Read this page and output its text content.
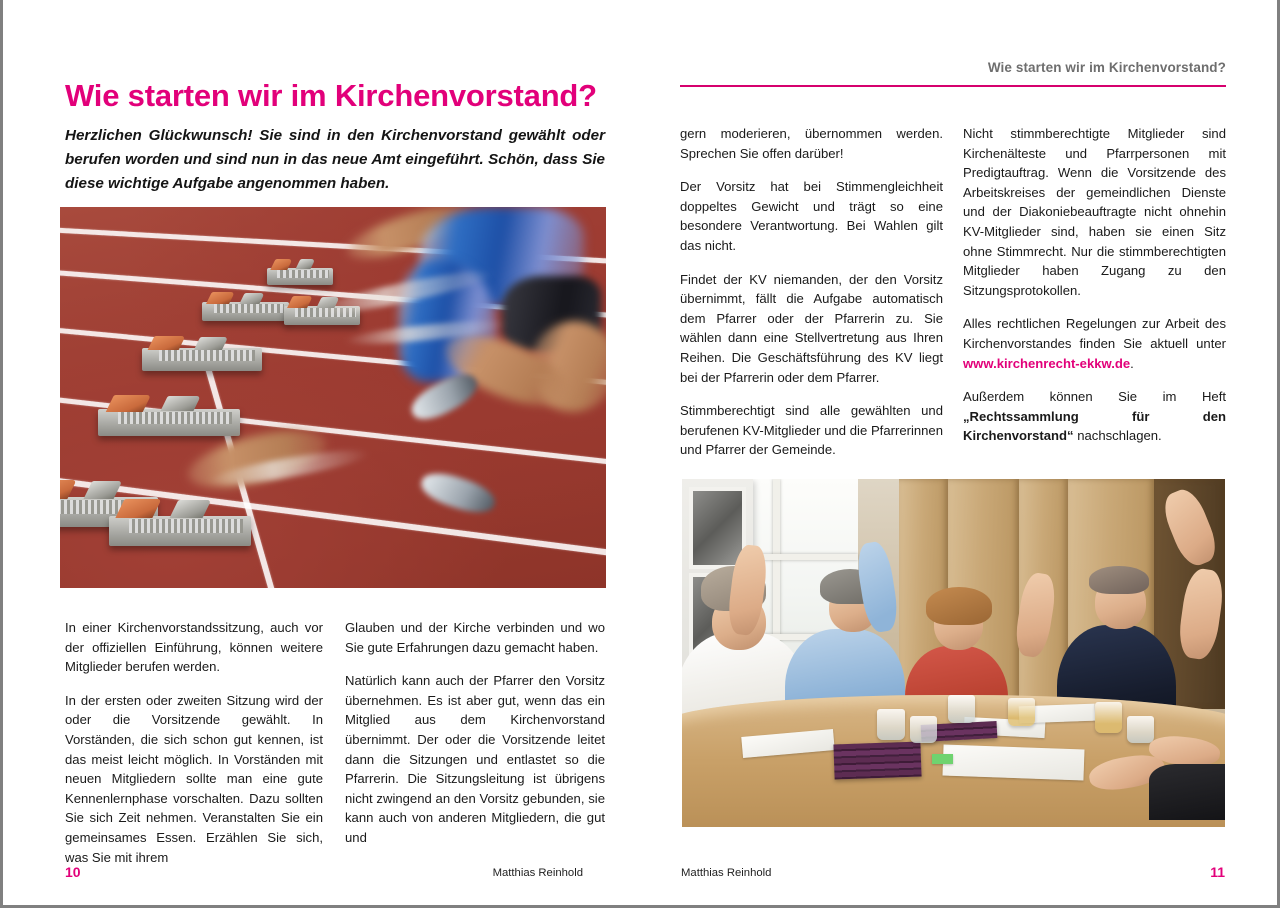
Wie starten wir im Kirchenvorstand?
Herzlichen Glückwunsch! Sie sind in den Kirchenvorstand gewählt oder berufen worden und sind nun in das neue Amt eingeführt. Schön, dass Sie diese wichtige Aufgabe angenommen haben.

In einer Kirchenvorstandssitzung, auch vor der offiziellen Einführung, können weitere Mitglieder berufen werden.

In der ersten oder zweiten Sitzung wird der oder die Vorsitzende gewählt. In Vorständen, die sich schon gut kennen, ist das meist leicht möglich. In Vorständen mit neuen Mitgliedern sollte man eine gute Kennenlernphase vorschalten. Dazu sollten Sie sich Zeit nehmen. Veranstalten Sie ein gemeinsames Essen. Erzählen Sie sich, was Sie mit ihrem

Glauben und der Kirche verbinden und wo Sie gute Erfahrungen dazu gemacht haben.

Natürlich kann auch der Pfarrer den Vorsitz übernehmen. Es ist aber gut, wenn das ein Mitglied aus dem Kirchenvorstand übernimmt. Der oder die Vorsitzende leitet dann die Sitzungen und entlastet so die Pfarrerin. Die Sitzungsleitung ist übrigens nicht zwingend an den Vorsitz gebunden, sie kann auch von anderen Mitgliedern, die gut und

10	Matthias Reinhold
Wie starten wir im Kirchenvorstand?

gern moderieren, übernommen werden. Sprechen Sie offen darüber!

Der Vorsitz hat bei Stimmengleichheit doppeltes Gewicht und trägt so eine besondere Verantwortung. Bei Wahlen gilt das nicht.

Findet der KV niemanden, der den Vorsitz übernimmt, fällt die Aufgabe automatisch dem Pfarrer oder der Pfarrerin zu. Sie wählen dann eine Stellvertretung aus Ihren Reihen. Die Geschäftsführung des KV liegt bei der Pfarrerin oder dem Pfarrer.

Stimmberechtigt sind alle gewählten und berufenen KV-Mitglieder und die Pfarrerinnen und Pfarrer der Gemeinde.

Nicht stimmberechtigte Mitglieder sind Kirchenälteste und Pfarrpersonen mit Predigtauftrag. Wenn die Vorsitzende des Arbeitskreises der gemeindlichen Dienste und der Diakoniebeauftragte nicht ohnehin KV-Mitglieder sind, haben sie einen Sitz ohne Stimmrecht. Nur die stimmberechtigten Mitglieder haben Zugang zu den Sitzungsprotokollen.

Alles rechtlichen Regelungen zur Arbeit des Kirchenvorstandes finden Sie aktuell unter www.kirchenrecht-ekkw.de.

Außerdem können Sie im Heft „Rechtssammlung für den Kirchenvorstand“ nachschlagen.

11
Matthias Reinhold
